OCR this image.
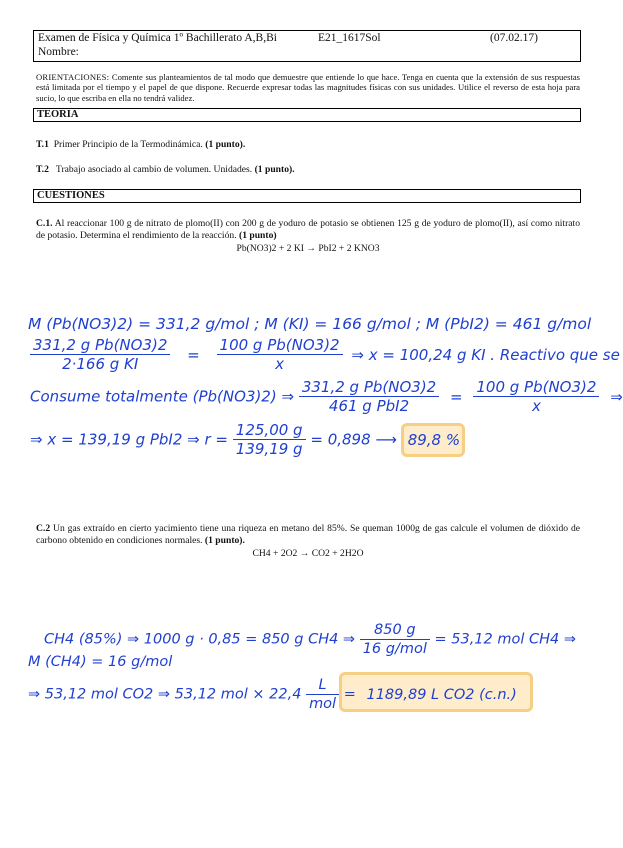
Examen de Física y Química 1º Bachillerato A,B,Bi	E21_1617Sol	(07.02.17)
Nombre:
ORIENTACIONES: Comente sus planteamientos de tal modo que demuestre que entiende lo que hace. Tenga en cuenta que la extensión de sus respuestas está limitada por el tiempo y el papel de que dispone. Recuerde expresar todas las magnitudes físicas con sus unidades. Utilice el reverso de esta hoja para sucio, lo que escriba en ella no tendrá validez.
TEORIA
T.1 Primer Principio de la Termodinámica. (1 punto).
T.2 Trabajo asociado al cambio de volumen. Unidades. (1 punto).
CUESTIONES
C.1. Al reaccionar 100 g de nitrato de plomo(II) con 200 g de yoduro de potasio se obtienen 125 g de yoduro de plomo(II), así como nitrato de potasio. Determina el rendimiento de la reacción. (1 punto)
Pb(NO3)2 + 2 KI → PbI2 + 2 KNO3
M (Pb(NO3)2) = 331,2 g/mol ; M (KI) = 166 g/mol ; M (PbI2) = 461 g/mol
$\frac{\text{331,2 g Pb(NO3)2}}{\text{2·166 g KI}} = \frac{\text{100 g Pb(NO3)2}}{x}$ ⇒ x = 100,24 g KI . Reactivo que se
Consume totalmente (Pb(NO3)2) ⇒ $\frac{\text{331,2 g Pb(NO3)2}}{\text{461 g PbI2}} = \frac{\text{100 g Pb(NO3)2}}{x}$ ⇒
⇒ x = 139,19 g PbI2 ⇒ $r = \frac{125,00 g}{139,19 g} = 0,898$ ⟶ 89,8 %
C.2 Un gas extraído en cierto yacimiento tiene una riqueza en metano del 85%. Se queman 1000g de gas calcule el volumen de dióxido de carbono obtenido en condiciones normales. (1 punto).
CH4 + 2O2 → CO2 + 2H2O
CH4 (85%) ⇒ 1000 g · 0,85 = 850 g CH4 ⇒ $\frac{850 g}{\text{16 g/mol}} = 53,12$ mol CH4 ⇒
M (CH4) = 16 g/mol
⇒ 53,12 mol CO2 ⇒ 53,12 mol × $22,4 \frac{L}{\text{mol}} = 1189,89$ L CO2 (c.n.)
